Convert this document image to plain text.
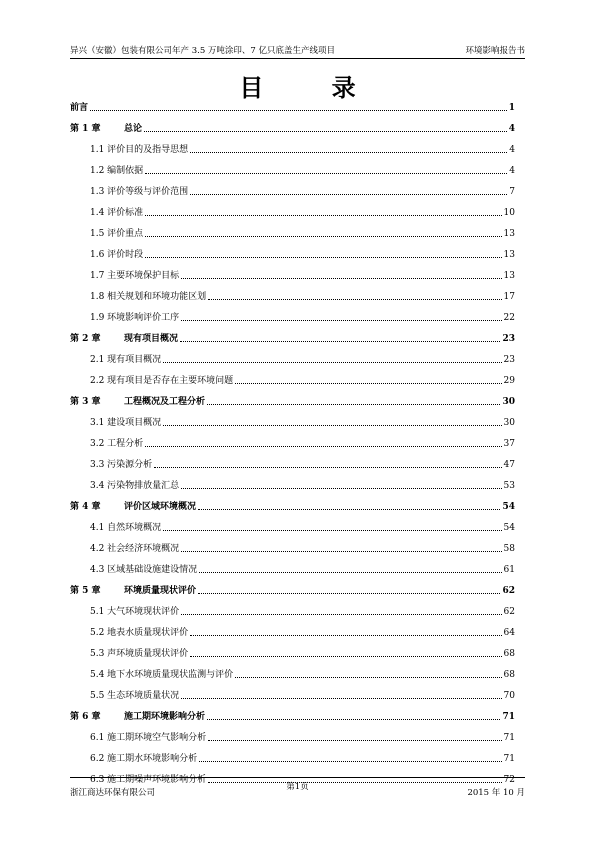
异兴（安徽）包装有限公司年产 3.5 万吨涂印、7 亿只底盖生产线项目	环境影响报告书
目 录
前言	1
第 1 章	总论	4
1.1 评价目的及指导思想	4
1.2 编制依据	4
1.3 评价等级与评价范围	7
1.4 评价标准	10
1.5 评价重点	13
1.6 评价时段	13
1.7 主要环境保护目标	13
1.8 相关规划和环境功能区划	17
1.9 环境影响评价工序	22
第 2 章	现有项目概况	23
2.1 现有项目概况	23
2.2 现有项目是否存在主要环境问题	29
第 3 章	工程概况及工程分析	30
3.1 建设项目概况	30
3.2 工程分析	37
3.3 污染源分析	47
3.4 污染物排放量汇总	53
第 4 章	评价区域环境概况	54
4.1 自然环境概况	54
4.2 社会经济环境概况	58
4.3 区域基础设施建设情况	61
第 5 章	环境质量现状评价	62
5.1 大气环境现状评价	62
5.2 地表水质量现状评价	64
5.3 声环境质量现状评价	68
5.4 地下水环境质量现状监测与评价	68
5.5 生态环境质量状况	70
第 6 章	施工期环境影响分析	71
6.1 施工期环境空气影响分析	71
6.2 施工期水环境影响分析	71
6.3 施工期噪声环境影响分析	72
浙江商达环保有限公司
第1页
2015 年 10 月
